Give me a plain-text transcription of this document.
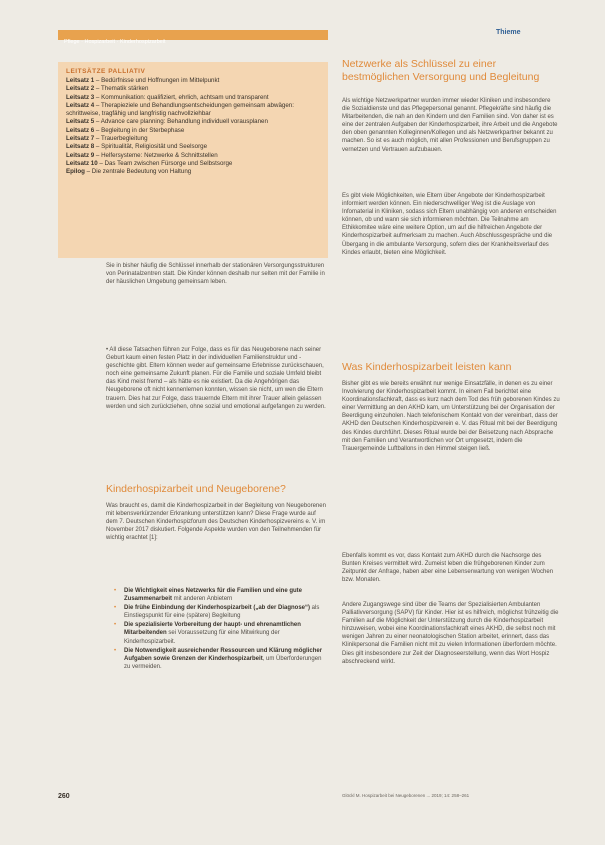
Pflege · Hospizarbeit · Kinderhospizarbeit
Thieme
LEITSÄTZE PALLIATIV
Leitsatz 1 – Bedürfnisse und Hoffnungen im Mittelpunkt
Leitsatz 2 – Thematik stärken
Leitsatz 3 – Kommunikation: qualifiziert, ehrlich, achtsam und transparent
Leitsatz 4 – Therapieziele und Behandlungsentscheidungen gemeinsam abwägen: schrittweise, tragfähig und langfristig nachvollziehbar
Leitsatz 5 – Advance care planning: Behandlung individuell vorausplanen
Leitsatz 6 – Begleitung in der Sterbephase
Leitsatz 7 – Trauerbegleitung
Leitsatz 8 – Spiritualität, Religiosität und Seelsorge
Leitsatz 9 – Helfersysteme: Netzwerke & Schnittstellen
Leitsatz 10 – Das Team zwischen Fürsorge und Selbstsorge
Epilog – Die zentrale Bedeutung von Haltung

Sie in bisher häufig die Schlüssel innerhalb der stationären Versorgungsstrukturen von Perinatalzentren statt. Die Kinder können deshalb nur selten mit der Familie in der häuslichen Umgebung gemeinsam leben.

• All diese Tatsachen führen zur Folge, dass es für das Neugeborene nach seiner Geburt kaum einen festen Platz in der individuellen Familienstruktur und -geschichte gibt. Eltern können weder auf gemeinsame Erlebnisse zurückschauen, noch eine gemeinsame Zukunft planen. Für die Familie und soziale Umfeld bleibt das Kind meist fremd – als hätte es nie existiert. Da die Angehörigen das Neugeborene oft nicht kennenlernen konnten, wissen sie nicht, um wen die Eltern trauern. Dies hat zur Folge, dass trauernde Eltern mit ihrer Trauer allein gelassen werden und sich zurückziehen, ohne sozial und emotional aufgefangen zu werden.

Kinderhospizarbeit und Neugeborene?

Was braucht es, damit die Kinderhospizarbeit in der Begleitung von Neugeborenen mit lebensverkürzender Erkrankung unterstützen kann? Diese Frage wurde auf dem 7. Deutschen Kinderhospizforum des Deutschen Kinderhospizvereins e. V. im November 2017 diskutiert. Folgende Aspekte wurden von den Teilnehmenden für wichtig erachtet [1]:

• Die Wichtigkeit eines Netzwerks für die Familien und eine gute Zusammenarbeit mit anderen Anbietern
• Die frühe Einbindung der Kinderhospizarbeit („ab der Diagnose“) als Einstiegspunkt für eine (spätere) Begleitung
• Die spezialisierte Vorbereitung der haupt- und ehrenamtlichen Mitarbeitenden sei Voraussetzung für eine Mitwirkung der Kinderhospizarbeit.
• Die Notwendigkeit ausreichender Ressourcen und Klärung möglicher Aufgaben sowie Grenzen der Kinderhospizarbeit, um Überforderungen zu vermeiden.
Netzwerke als Schlüssel zu einer bestmöglichen Versorgung und Begleitung

Als wichtige Netzwerkpartner wurden immer wieder Kliniken und insbesondere die Sozialdienste und das Pflegepersonal genannt. Pflegekräfte sind häufig die Mitarbeitenden, die nah an den Kindern und den Familien sind. Von daher ist es eine der zentralen Aufgaben der Kinderhospizarbeit, ihre Arbeit und die Angebote den oben genannten Kolleginnen/Kollegen und als Netzwerkpartner bekannt zu machen. So ist es auch möglich, mit allen Professionen und Berufsgruppen zu vernetzen und Vertrauen aufzubauen.

Es gibt viele Möglichkeiten, wie Eltern über Angebote der Kinderhospizarbeit informiert werden können. Ein niederschwelliger Weg ist die Auslage von Infomaterial in Kliniken, sodass sich Eltern unabhängig von anderen entscheiden können, ob und wann sie sich informieren möchten. Die Teilnahme am Ethikkomitee wäre eine weitere Option, um auf die hilfreichen Angebote der Kinderhospizarbeit aufmerksam zu machen. Auch Abschlussgespräche und die Übergang in die ambulante Versorgung, sofern dies der Krankheitsverlauf des Kindes erlaubt, bieten eine Möglichkeit.

Was Kinderhospizarbeit leisten kann

Bisher gibt es wie bereits erwähnt nur wenige Einsatzfälle, in denen es zu einer Involvierung der Kinderhospizarbeit kommt. In einem Fall berichtet eine Koordinationsfachkraft, dass es kurz nach dem Tod des früh geborenen Kindes zu einer Vermittlung an den AKHD kam, um Unterstützung bei der Organisation der Beerdigung einzuholen. Nach telefonischem Kontakt von der vereinbart, dass der AKHD den Deutschen Kinderhospizverein e. V. das Ritual mit bei der Beerdigung des Kindes durchführt. Dieses Ritual wurde bei der Beisetzung nach Absprache mit den Familien und Verantwortlichen vor Ort umgesetzt, indem die Trauergemeinde Luftballons in den Himmel steigen ließ.

Ebenfalls kommt es vor, dass Kontakt zum AKHD durch die Nachsorge des Bunten Kreises vermittelt wird. Zumeist leben die frühgeborenen Kinder zum Zeitpunkt der Anfrage, haben aber eine Lebenserwartung von wenigen Wochen bzw. Monaten.

Andere Zugangswege sind über die Teams der Spezialisierten Ambulanten Palliativversorgung (SAPV) für Kinder. Hier ist es hilfreich, möglichst frühzeitig die Familien auf die Möglichkeit der Unterstützung durch die Kinderhospizarbeit hinzuweisen, wobei eine Koordinationsfachkraft eines AKHD, die selbst noch mit wenigen Jahren zu einer neonatologischen Station arbeitet, erinnert, dass das Klinikpersonal die Familien nicht mit zu vielen Informationen überfordern möchte. Dies gilt insbesondere zur Zeit der Diagnoseerstellung, wenn das Wort Hospiz abschreckend wirkt.

260	Glöckl M. Hospizarbeit bei Neugeborenen ... 2019; 14: 258–261
